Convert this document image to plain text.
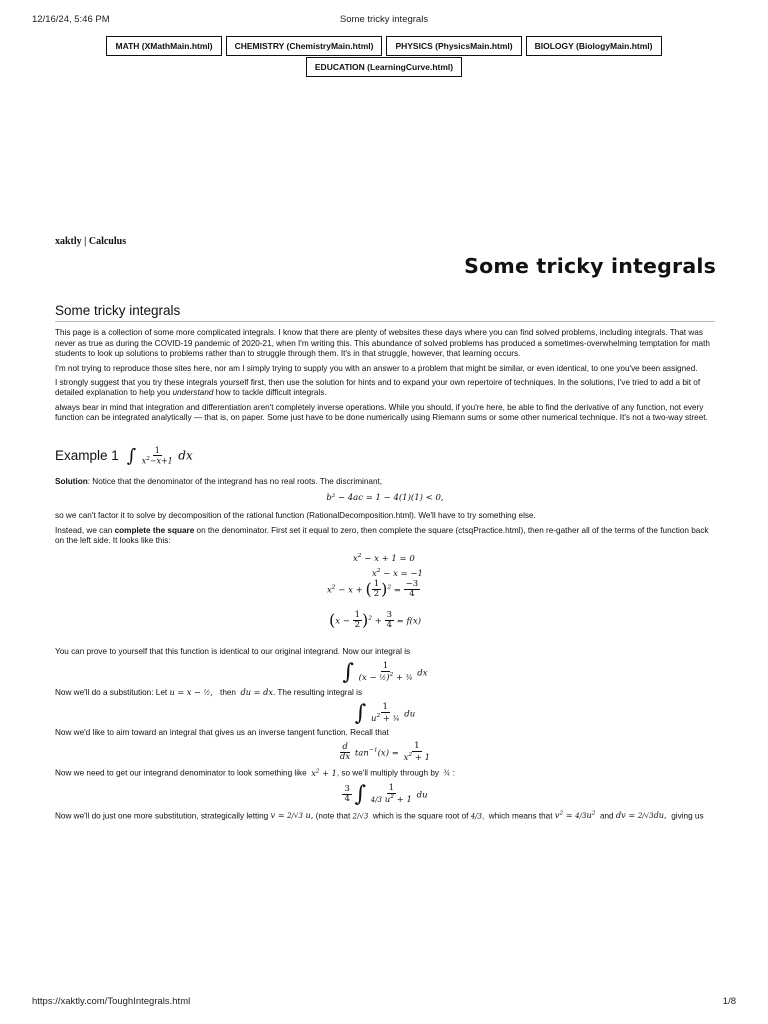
12/16/24, 5:46 PM	Some tricky integrals
MATH (XMathMain.html)	CHEMISTRY (ChemistryMain.html)	PHYSICS (PhysicsMain.html)	BIOLOGY (BiologyMain.html)
EDUCATION (LearningCurve.html)
xaktly | Calculus
Some tricky integrals
Some tricky integrals

This page is a collection of some more complicated integrals. I know that there are plenty of websites these days where you can find solved problems, including integrals. That was never as true as during the COVID-19 pandemic of 2020-21, when I'm writing this. This abundance of solved problems has produced a sometimes-overwhelming temptation for math students to look up solutions to problems rather than to struggle through them. It's in that struggle, however, that learning occurs.

I'm not trying to reproduce those sites here, nor am I simply trying to supply you with an answer to a problem that might be similar, or even identical, to one you've been assigned.

I strongly suggest that you try these integrals yourself first, then use the solution for hints and to expand your own repertoire of techniques. In the solutions, I've tried to add a bit of detailed explanation to help you understand how to tackle difficult integrals.

always bear in mind that integration and differentiation aren't completely inverse operations. While you should, if you're here, be able to find the derivative of any function, not every function can be integrated analytically — that is, on paper. Some just have to be done numerically using Riemann sums or some other numerical technique. It's not a two-way street.

Example 1 ∫ $\frac{1}{x^2-x+1}$ dx

Solution: Notice that the denominator of the integrand has no real roots. The discriminant,

b² − 4ac = 1 − 4(1)(1) < 0,

so we can't factor it to solve by decomposition of the rational function (RationalDecomposition.html). We'll have to try something else.

Instead, we can complete the square on the denominator. First set it equal to zero, then complete the square (ctsqPractice.html), then re-gather all of the terms of the function back on the left side. It looks like this:

$x^2 - x + 1 = 0$
$x^2 - x = -1$
$x^2 - x$ + ( $\frac{1}{2} )^2 = \frac{-3}{4}$
$(x - \frac{1}{2} )^2 + \frac{3}{4} = f(x)$

You can prove to yourself that this function is identical to our original integrand. Now our integral is

∫ $\frac{1}{(x - \frac{1}{2})^2 + \frac{3}{4}}$ dx

Now we'll do a substitution: Let u = x − ½,   then du = dx. The resulting integral is

∫ $\frac{1}{u^2 + \frac{3}{4}}$ du

Now we'd like to aim toward an integral that gives us an inverse tangent function. Recall that

$\frac{d}{dx} \tan^{-1}(x) = \frac{1}{x^2 + 1}$

Now we need to get our integrand denominator to look something like $x^2 + 1$, so we'll multiply through by ¾ :

$\frac{3}{4}$ ∫ $\frac{1}{4/3 u^2 + 1}$ du

Now we'll do just one more substitution, strategically letting v = 2/√3 u, (note that 2/√3 which is the square root of 4/3,  which means that $v^2 = 4/3u^2$ and dv = 2/√3du, giving us

https://xaktly.com/ToughIntegrals.html	1/8
